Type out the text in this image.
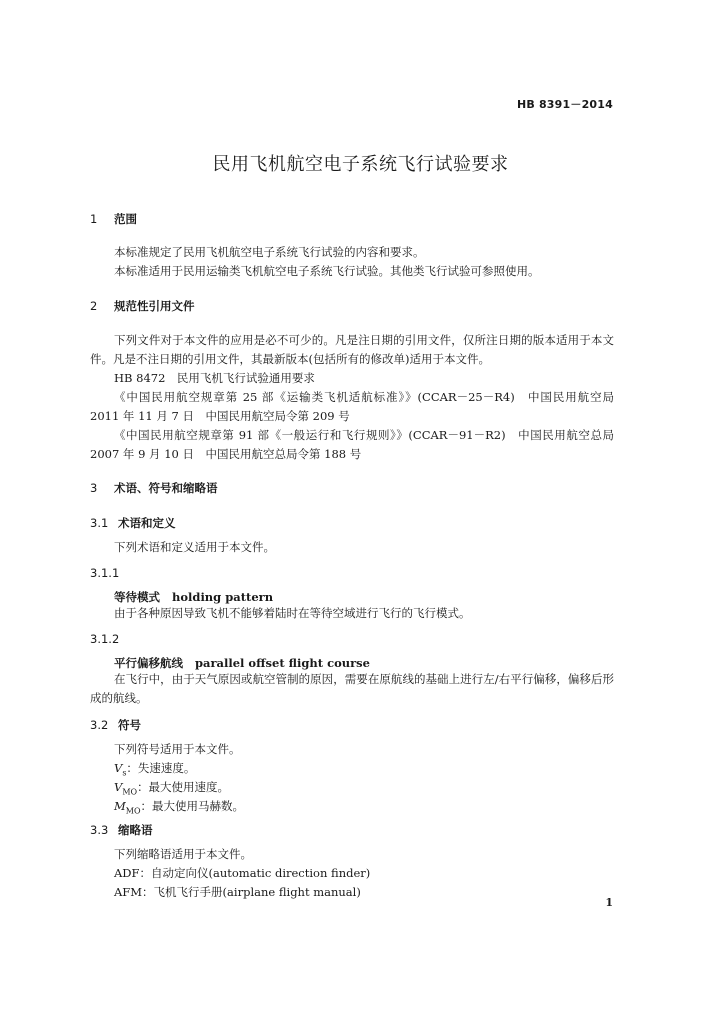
HB 8391－2014
民用飞机航空电子系统飞行试验要求
1 范围
本标准规定了民用飞机航空电子系统飞行试验的内容和要求。
本标准适用于民用运输类飞机航空电子系统飞行试验。其他类飞行试验可参照使用。
2 规范性引用文件
下列文件对于本文件的应用是必不可少的。凡是注日期的引用文件，仅所注日期的版本适用于本文件。凡是不注日期的引用文件，其最新版本(包括所有的修改单)适用于本文件。
HB 8472　民用飞机飞行试验通用要求
《中国民用航空规章第 25 部《运输类飞机适航标准》》(CCAR－25－R4)　中国民用航空局　2011 年 11 月 7 日　中国民用航空局令第 209 号
《中国民用航空规章第 91 部《一般运行和飞行规则》》(CCAR－91－R2)　中国民用航空总局 2007 年 9 月 10 日　中国民用航空总局令第 188 号
3 术语、符号和缩略语
3.1 术语和定义
下列术语和定义适用于本文件。
3.1.1
等待模式 holding pattern
由于各种原因导致飞机不能够着陆时在等待空域进行飞行的飞行模式。
3.1.2
平行偏移航线 parallel offset flight course
在飞行中，由于天气原因或航空管制的原因，需要在原航线的基础上进行左/右平行偏移，偏移后形成的航线。
3.2 符号
下列符号适用于本文件。
$V_s$：失速速度。
$V_{MO}$：最大使用速度。
$M_{MO}$：最大使用马赫数。
3.3 缩略语
下列缩略语适用于本文件。
ADF：自动定向仪(automatic direction finder)
AFM：飞机飞行手册(airplane flight manual)
1
